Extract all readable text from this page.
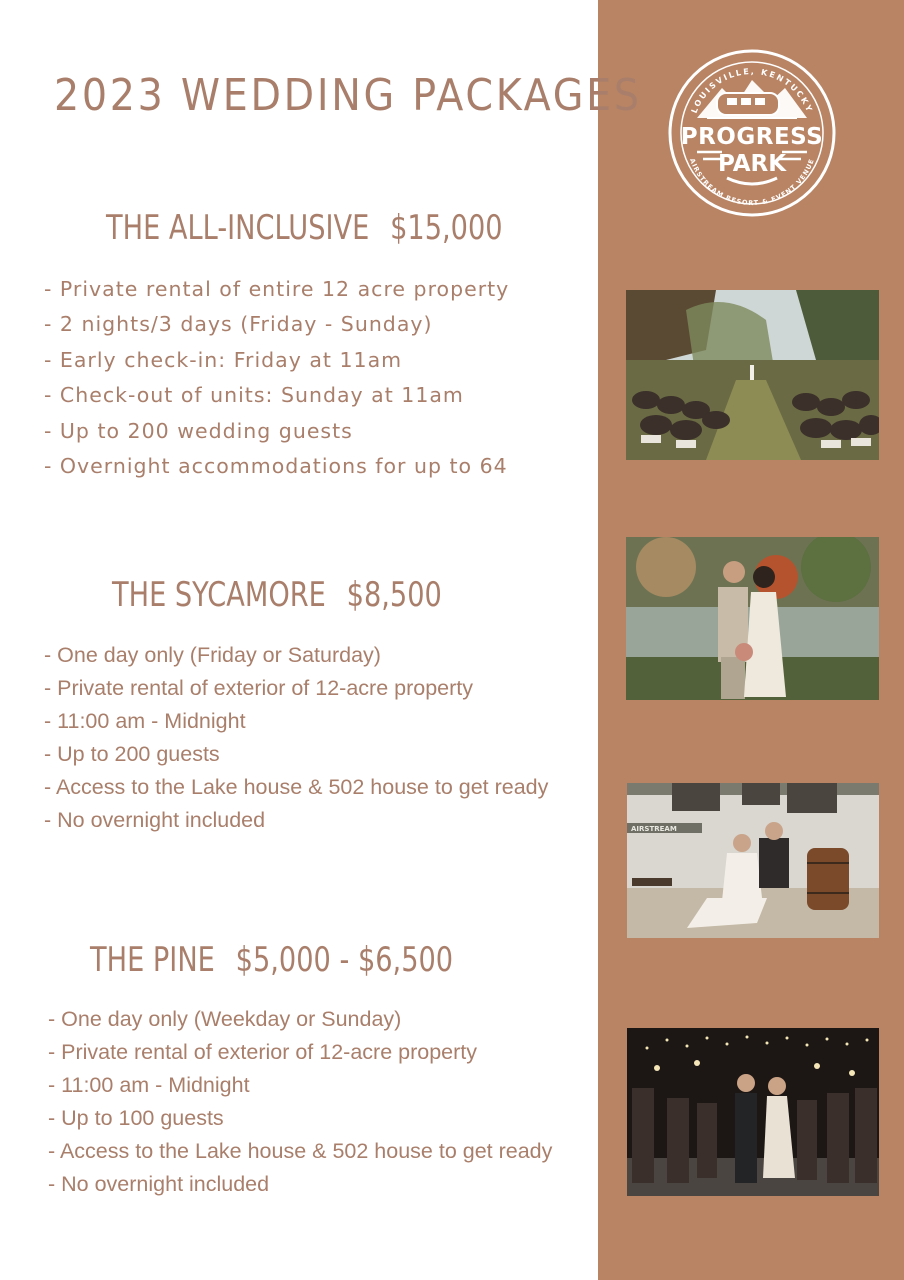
2023 WEDDING PACKAGES	LOUISVILLE, KENTUCKY
AIRSTREAM RESORT & EVENT VENUE
PROGRESS
PARK
THE ALL-INCLUSIVE $15,000
- Private rental of entire 12 acre property
- 2 nights/3 days (Friday - Sunday)
- Early check-in: Friday at 11am
- Check-out of units: Sunday at 11am
- Up to 200 wedding guests
- Overnight accommodations for up to 64
THE SYCAMORE $8,500
- One day only (Friday or Saturday)
- Private rental of exterior of 12-acre property
- 11:00 am - Midnight
- Up to 200 guests
- Access to the Lake house & 502 house to get ready
- No overnight included
THE PINE $5,000 - $6,500
- One day only (Weekday or Sunday)
- Private rental of exterior of 12-acre property
- 11:00 am - Midnight
- Up to 100 guests
- Access to the Lake house & 502 house to get ready
- No overnight included
AIRSTREAM
